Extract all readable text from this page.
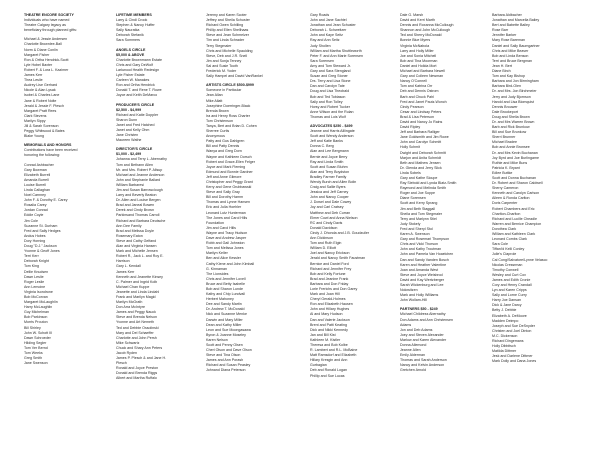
THEATRE ENCORE SOCIETY

Individuals who have named

Theatre Calgary legacy as

beneficiary through planned gifts:

Michael & Jessie Andersen

Charlotte Brownlee-Ball

Norm & Diane Conlin

Margaret Fisher

Ron & Ortha Hendrick-Scott

Lyle Hobel Baxter

Robert F. & Lora L. Kazimer

James Kerr

Thea Leslie

Audrey Lise Gerhard

Nicole & Alan Lysak

Isobel & Charles Lane

Jane & Robert Nolte

Jerald & Jessie F. Plesch

Margaret Pratt Rees

Clark Stevens

Marilyn Sippy

Jill & Sarah Sorenson

Peggy Whitwood & Bates

Blake Young

MEMORIALS AND HONORS

Contributions have been received

honoring the following:

Conrad Ashbacher

Gary Bowman

Elizabeth Burrell

Amanda Burrell

Louise Burrell

Linda Callaghan

Noel Carnney

John F. & Dorothy E. Carey

Rosalia Carey

Jordan Conrad

Eddie Coyle

Jim Cole

Suzanne St. Durham

Fred and Sally Hedges

Andus Hobes

Dory Horning

Doug "D.J." Jackson

Yvonne & Geoff Jones

Terri Kerr

Deborah Knight

Tom King

Dellie Knudsen

Dawn Leslie

Roger Leslie

Ann Lemoine

Virginia Isondrone

Bob McCorvan

Margaret McLaughlin

Harry McLaughlin

Guy Michelman

Bob Parkinson

Morris Prouton

Bill Shirley

John W. Schott III

Dawn Schroeder

Hilding Segler

Tom Ver Bernd

Tom Weeks

Greg Smith

Jane Swenson

LIFETIME MEMBERS

Larry & Cindi Crook

Stephen & Nancy Huffer

Sally Nauratka

Deborah Stefanik

Sara Sommers

ANGELS CIRCLE

$5,000 & ABOVE

Charlotte Brownmann Estate

Chris and Gary DeWolf

Larkwood Health Redesign

Lyle Fisher Estate

Carleen W. Manakes

Ron and Ortha Hendrick

Donald T. and Rene T. Rowe

Joyce and Keith DeMarco

PRODUCER'S CIRCLE

$2,500 - $4,999

Richard and Katie Doppler

Sharon Dunn

Janet and Fred Hatched

Janet and Kelly Ohm

Jane Christen

Maureen Wathe

DIRECTOR'S CIRCLE

$1,000 - $2,499

Johanna and Terry L. Abernathy

Tom and Bethann Allen

Mr. and Mrs. Robert P. Allsup

Michael and Jeanne Anderson

John and Stephanie Ballard

William Barbaresi

Jim and Susan Barrowclough

Larry and Beverly Beaton

Dr. Allen and Louise Bergen

Brad and Janeal Bowen

Derek and Cindy Brown

Parkinsand Thomas Carroll

Richard and Barbara Deutsche

Ann Dee Family

Brad and Melissa Doyle

Rosemary Eaton

Steve and Cathy Gelfand

Alan and Virginia Hansen

Mark and Michelle Jensen

Robert R., Jack L. and Roy E.

Harrison

Gary L. Kendall

James Kerr

Kenneth and Jeanette Kinsey

C. Palmer and Ingrid Kolb

Michael Chan Kuppe

Jeanette and Linda Lindahl

Frank and Marilyn Magid

Marilyn McGrath

Don Arra McIntyre

James and Peggy Nauck

Steve and Brenda Nelson

Yvonne and Art Nemeth

Ted and Debbie Ossolinski

Mary and Del Schaeffer

Charlotte and John Persh

Mike Schwartz

Chuck and Shary Ann Peters

Jacob Ryden

James P. Plesch & and Jane H.

Plesch

Ronald and Joyce Preston

Donald and Brenda Riggs

Albert and Martha Ruffalo

Jeremy and Karen Scoter

Jeffrey and Sheila Schuster

Richard Owen Schilling

Phillip and Ellen Shellhaas

Steve and Jean Schmelzer

Tim and Linda Schrader

Terry Stegmaier

Chris and Michelle Spaulding

Steve, Deb and J.R. Snell

Jim and Sonja Tenney

Sal and Susie Tooth

Frederick M. Yoder

Sally Hampel and David VanRankel

ARTISTS CIRCLE $500-$999

Someone in Particular

Jean Allan

Mike Allatt

Josephine Doerringer-Black

Brenda Brown

Ira and Henry Ross Charter

Tom Christenson

Tanya, Bert and Brian D. Cohen

Sherree Curtis

Anonymous

Patty and Gus Dahlgren

Bill and Patty Dennis

Wanya and Greg Dorn

Wayne and Kathleen Dorsch

Robert and Grace-Ellen Felger

Joyce and Mark Fleming

Edmund and Bonnie Gardner

Jeff and Anne Gilmore

Christopher and Peggy Grant

Kerry and Gene Grubbawski

Steve and Sally Gray

Bill and Dorothy Hamm

Thomas and Lynne Hansen

Eric and Julia Hoehler

Leonard Lutz Hunterman

The Jones and Carol Hills

Foundation

Jim and Carol Hills

Wayne and Tracy Hudson

Dave and Andrew Jasper

Robb and Gail Johnston

Tom and Melissa Jones

Marilyn Keller

Ben and Alice Kessler

Cathy Kiene and John Kimball

G. Kinnaman

The Lionsides

Chris and Jennifer Lovell

Bruce and Betty Isabelle

Bob and Sharon Lunde

Kathy and Chip Lundvall

Herbert Mahoney

Dee and Sandy Martin

Dr. Andrew T. McDonald

Nick and Suzanne Menke

Darwin and Mary Miller

Dean and Kathy Miller

Leon and Sue Moongasawa

Byron & Joanne Moseley

Karen Nelson

Scott and Penny Olsen

Cheri Olson and Dave Olson

Steve and Tina Olson

James and Ann Porash

Richard and Susan Peasley

Johnand Diana Peterson

Gary Roads

John and Jane Sachtel

Jonathan and Jean Schuster

Deborah L. Schweitzer

John and Kaye Seitz

Ray and Ann Seitz

Judy Shollen

William and Martha Shuttleworth

Peter F. and Ann Marie Sorensen

Sara Sorensen

Amy and Tom Steward Jr.

Gary and Sara Stengland

Susan and Greg Stoner

Drs. Terry and Lisa Stone

Dan and Carolyn Tate

Doug and Lisa Theobald

Bob and Ted Tobiason

Sally and Ron Tolley

Horsy and Robert Tucker

Anne Wilson and the Rulan

Thomas and Lois Wolf

ADVOCATES $250 - $499

Jeanne and Harris Alllingate

Scott and Wendy Anderson

Jeff and Katie Banks

Donna C. Berg

Alan and Lee Bergmann

Bernie and Joyce Berry

Ray and Linda Smith

Scott and Susan Bluhm

Alan and Terry Boydston

Bradley Farmer Family

Wendy Burch and Allen Bolin

Craig and Sallie Byers

Jessica and Jeff Carney

John and Nancy Cooper

J. Dowel and Dale Cowey

Joy and Carl Cratsey

Matthew and Deb Curran

Elmer Cowl and Anna Nielson

RC and Cindy Davis

Donald Davidson

Cindy J. Dhonda and J.B. Goudzuiler

Ann Dickinson

Tom and Ruth Elgin

William D. Elliott

Joel and Nancy Erickson

Jerald and Nancy Smith Faustman

Bernice and Daniel Ford

Richard and Jennifer Frey

Bob and Kelly Fortune

Brad and Jeanine Frank

Barbara and Don Friday

Lorie Frerichs and Don Garey

Mark and Joan Hill

Cheryl Gerald-Holmes

Ron and Elizabeth Hausen

John and Hillary Hughes

Al and Mary Hudson

Dan and Valerie Jackson

Brent and Patti Keating

Dick and Nikki Kennedy

Jan and Bill Kist

Kathleen M. Kistler

Theresa and Bob Kolbe

R. Lambert and R.L. McBaine

Matt Ramsdorf and Elizabeth

Hillary Kresgin and Ann

Gurbagian

Deb and Ronald Logan

Phillip and Sue Lucas

Dale G. Marsh

David and Kerri Marth

Dennis and Roxanna McCullough

Shannon and John McCullough

Ted and Sherry McDonald

Bonnie Blue Myers

Virginia McNabola

Larry and Holly Miller

Joe and Sonia Mitchell

Bob and Tina Moorman

Daniel and Holida Mort

Michael and Barbara Newell

Gary and Colleen Newman

Nancy O'Connell

Tom and Katrina Orr

Deb and Dennis Ostrom

Barb and Chuck Pahl

Fred and Janet Pautz-Wonch

Cindy Pearson

Cesar and Lindsay Peters

Brad & Lisa Peterson

David and Nancy Jo Rains

David Ripley

Jeff and Barbara Ralliger

Jane Goldsmith and Jim Rowe

John and Carolyn Schmitt

Holly Schmit

Dwight and Deborah Schmitt

Marjon and Anita Schmidt

Beth and Mathew Jensen

Dr. Glenda and Jerry Slick

Linda Sobels

Gary and Kathe Sloupe

Ray Siebold and Lynda Blatz-Smith

Raymond and Melinda Smith

Roger and Joe Soppe

Diane Sorensen

Scott and Kerry Sprang

Jim and Beth Staggall

Sheila and Tom Stegmaier

Terry and Marlynn Stiel

Judy Stokely

Fred and Sheryl Stol

Karen A. Swenson

Gary and Rosemari Thompson

Chris and Vicki Thorson

John and Kathy Troutman

John and Pamela Van Hoaelchen

Dan and Sandy Vanden Bosch

Karen and Heather Valentine

Joan and Amanda West

Steve and Joyce Weisbrod

David and Kay Wertzberger

Sarah Wickenburg and Lee

Nolowitzen

Mark and Holly Williams

John Wollam-Hill

PARTNERS $50 - $249

Michael Childress Abernathy

Don Adams and Ann Christensen

Adams

Jon and Deb Adams

Joey and Steven Alexander

Marlow and Karen Alexander

Donna Allemond

Jeanne Allen

Emily Alderman

Thomas and Sarah Anderson

Nancy and Kelvin Anderson

Gretchen Arnold

Barbara Aldbacher

Jonathan and Marcella Bailey

Bert and Babette Bailey

Rose Barr

Jennifer Barker

Mary Rose Bareman

Daniel and Sally Baumgartner

Chris and Mike Beaver

Bob and Linda Benson

Terri and Bruce Bergman

Jean H. Bert

Diane Birch

Tom and Kay Bishop

Barbara and Jon Birmingham

Barbara Bird-Olen

Dr. and Mrs. Jon Birchmeier

Jerry and Judy Bjornson

Harold and Lisa Blomquist

Dennis Brouwer

Dale Brookeport

Doug and Shelia Brown

Dr. and Mrs Warren Brown

Barb and Rick Brunkow

Bill and Sue Brunkow

Sherri Brunner

Michael Bradee

Bob and Annie Bronsee

Dr. and Mrs Kevin Buchanan

Joy Byrd and Joe Burlingame

Ruthie and Mike Buns

Patricia K. Bryant

Edlee Buttke

Scott and Donna Buchanan

Dr. Robert and Sharon Caldwell

Sherry Cameron

Kenneth and Carolyn Carlson

Aileen & Ronda Carlton

Doris Carpenter

Robert Chambers and Eric

Charlton-Charlton

Richard and Lucille Cheadle

Warren and Bernice Champion

Dorothea Clark

William and Kathleen Clark

Leonard Combs Clark

Sara Cole

Tiffani'd Kelli Conley

Julie's Ciaprole

Cal Cong/Salvatore/Lynne Velasco

Nicolas Cressrman

Timothy Conwell

Wesley and Curt Cox

James and Edith Cronie

Cory and Henry Crandall

Lyn and Karen Cripps

Sally and Lorne Curry

Harry Joe Dansan

Dick & Jane Darcy

Betty J. Debbie

Elizabeth A. DeMoore

Madden Deimpo

Joseph and Sue DeSnyder

Christen and Joel Dinton

M.C. Dickenson

Richard Dingemans

Holly Dibbitsch

Matilda Dittmer

Jesk and Darlene Dittmer

Mark Dolly and Dana Jones
